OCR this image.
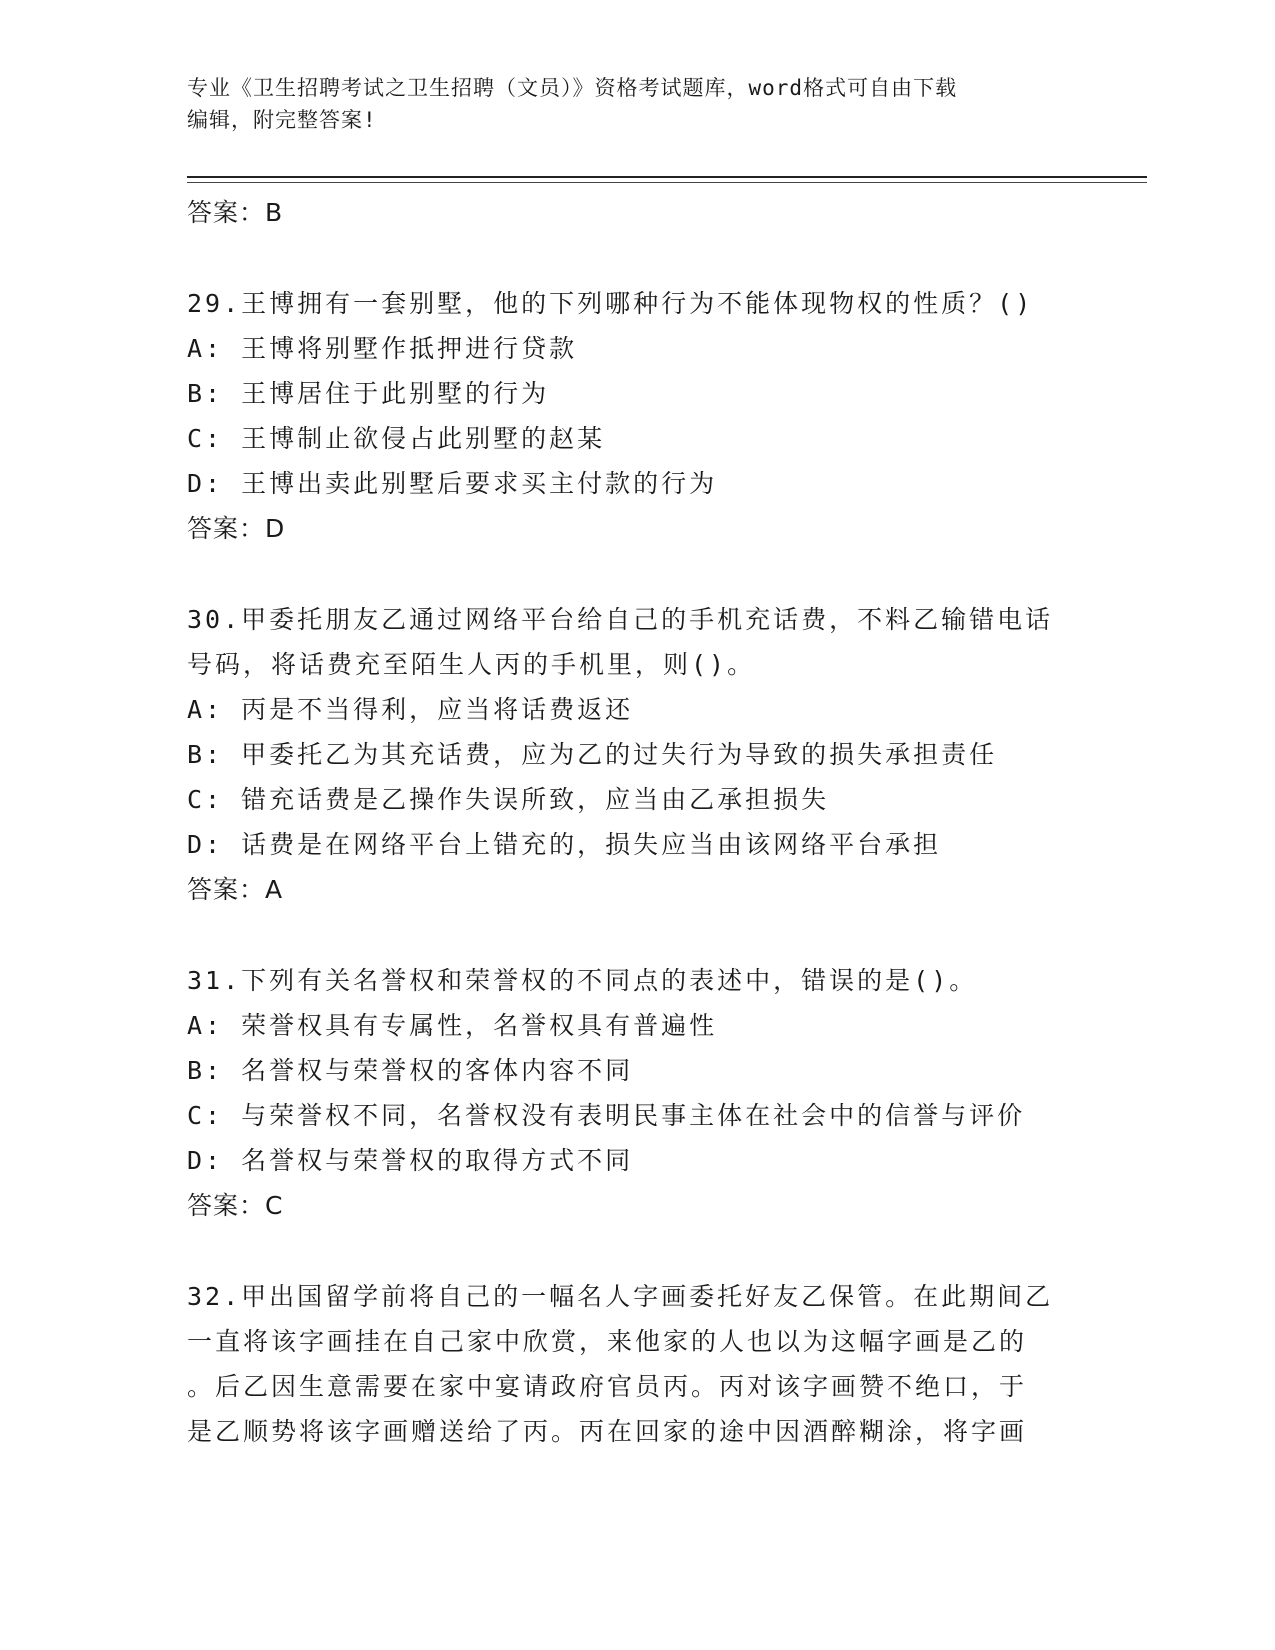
专业《卫生招聘考试之卫生招聘（文员）》资格考试题库，word格式可自由下载
编辑，附完整答案!
答案：B
29.王博拥有一套别墅，他的下列哪种行为不能体现物权的性质？()
A: 王博将别墅作抵押进行贷款
B: 王博居住于此别墅的行为
C: 王博制止欲侵占此别墅的赵某
D: 王博出卖此别墅后要求买主付款的行为
答案：D
30.甲委托朋友乙通过网络平台给自己的手机充话费，不料乙输错电话
号码，将话费充至陌生人丙的手机里，则()。
A: 丙是不当得利，应当将话费返还
B: 甲委托乙为其充话费，应为乙的过失行为导致的损失承担责任
C: 错充话费是乙操作失误所致，应当由乙承担损失
D: 话费是在网络平台上错充的，损失应当由该网络平台承担
答案：A
31.下列有关名誉权和荣誉权的不同点的表述中，错误的是()。
A: 荣誉权具有专属性，名誉权具有普遍性
B: 名誉权与荣誉权的客体内容不同
C: 与荣誉权不同，名誉权没有表明民事主体在社会中的信誉与评价
D: 名誉权与荣誉权的取得方式不同
答案：C
32.甲出国留学前将自己的一幅名人字画委托好友乙保管。在此期间乙
一直将该字画挂在自己家中欣赏，来他家的人也以为这幅字画是乙的
。后乙因生意需要在家中宴请政府官员丙。丙对该字画赞不绝口，于
是乙顺势将该字画赠送给了丙。丙在回家的途中因酒醉糊涂，将字画
